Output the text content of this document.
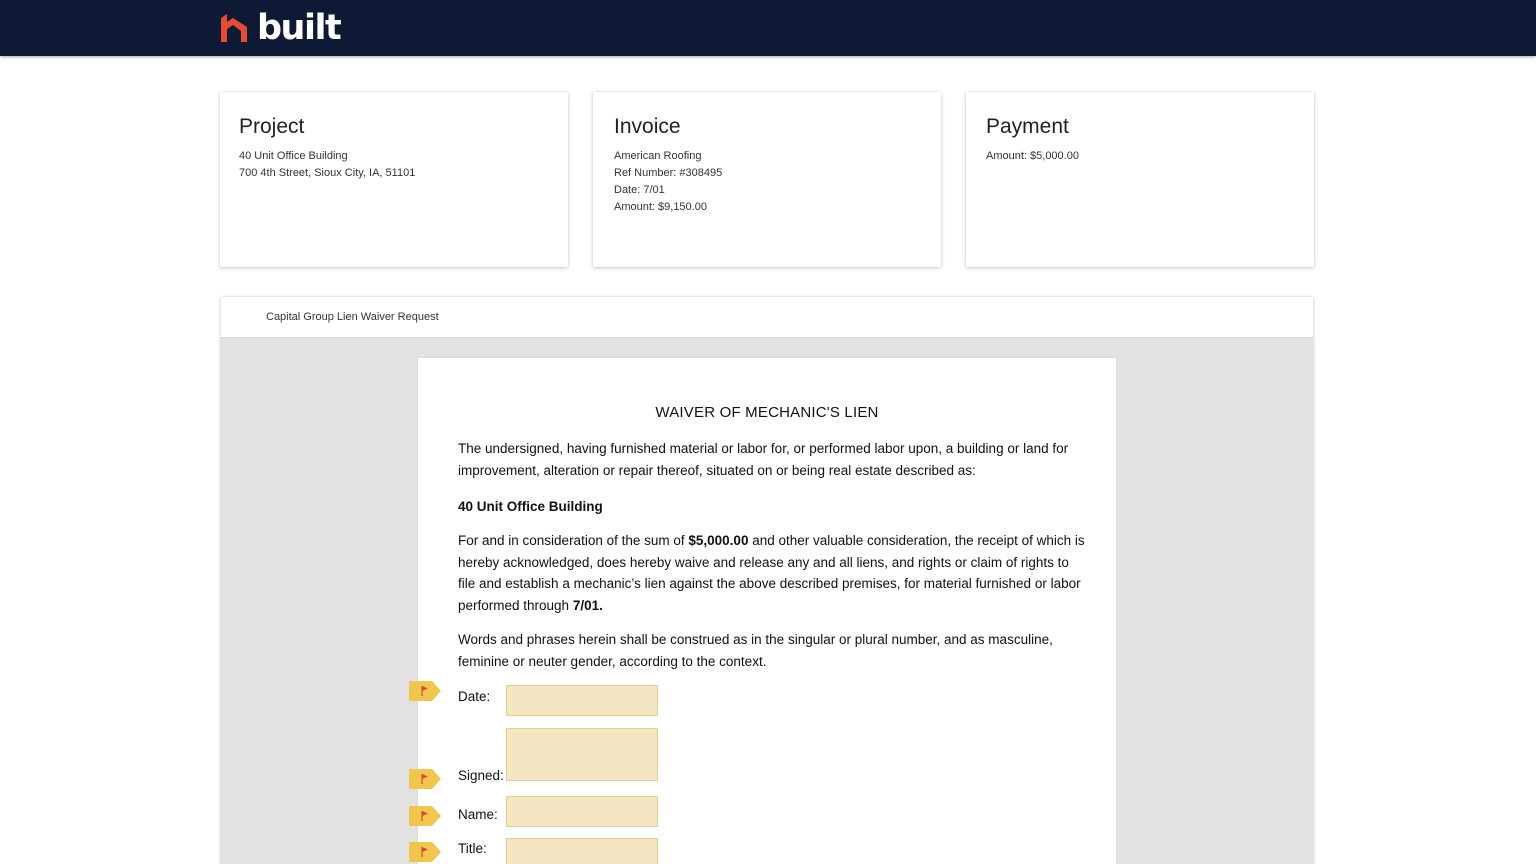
built
Project
40 Unit Office Building
700 4th Street, Sioux City, IA, 51101
Invoice
American Roofing
Ref Number: #308495
Date: 7/01
Amount: $9,150.00
Payment
Amount: $5,000.00
Capital Group Lien Waiver Request
WAIVER OF MECHANIC'S LIEN
The undersigned, having furnished material or labor for, or performed labor upon, a building or land for improvement, alteration or repair thereof, situated on or being real estate described as:
40 Unit Office Building
For and in consideration of the sum of $5,000.00 and other valuable consideration, the receipt of which is hereby acknowledged, does hereby waive and release any and all liens, and rights or claim of rights to file and establish a mechanic’s lien against the above described premises, for material furnished or labor performed through 7/01.
Words and phrases herein shall be construed as in the singular or plural number, and as masculine, feminine or neuter gender, according to the context.
Date:
Signed:
Name:
Title:
